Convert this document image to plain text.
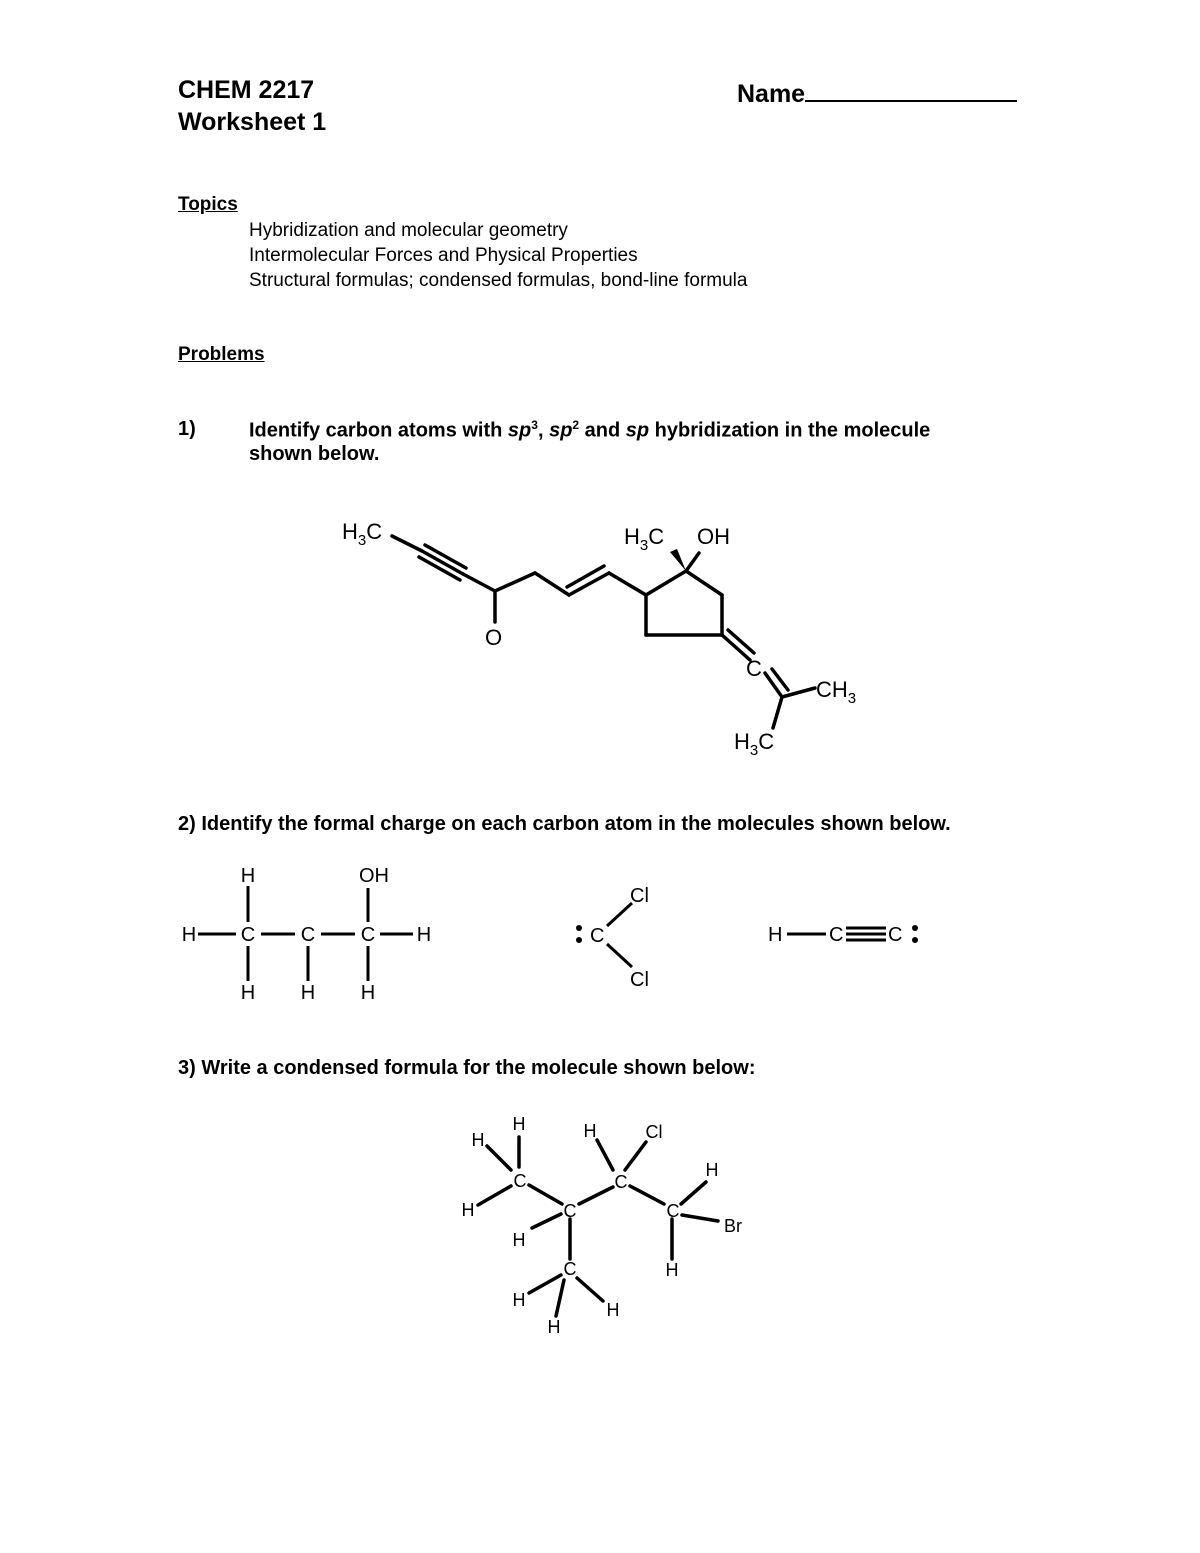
CHEM 2217
Worksheet 1
Name
Topics
Hybridization and molecular geometry
Intermolecular Forces and Physical Properties
Structural formulas; condensed formulas, bond-line formula
Problems
1)	Identify carbon atoms with $sp^3$, $sp^2$ and sp hybridization in the molecule
shown below.
2) Identify the formal charge on each carbon atom in the molecules shown below.
3) Write a condensed formula for the molecule shown below:
$H_3C$	$H_3C$ OH
O
C
$CH_3$
$H_3C$
H	OH
H C C C H
H H H
Cl
C
Cl
H C C
H
H	H
H
C
H
Cl
C
H
C	C
Br
H
H
C
H
H
